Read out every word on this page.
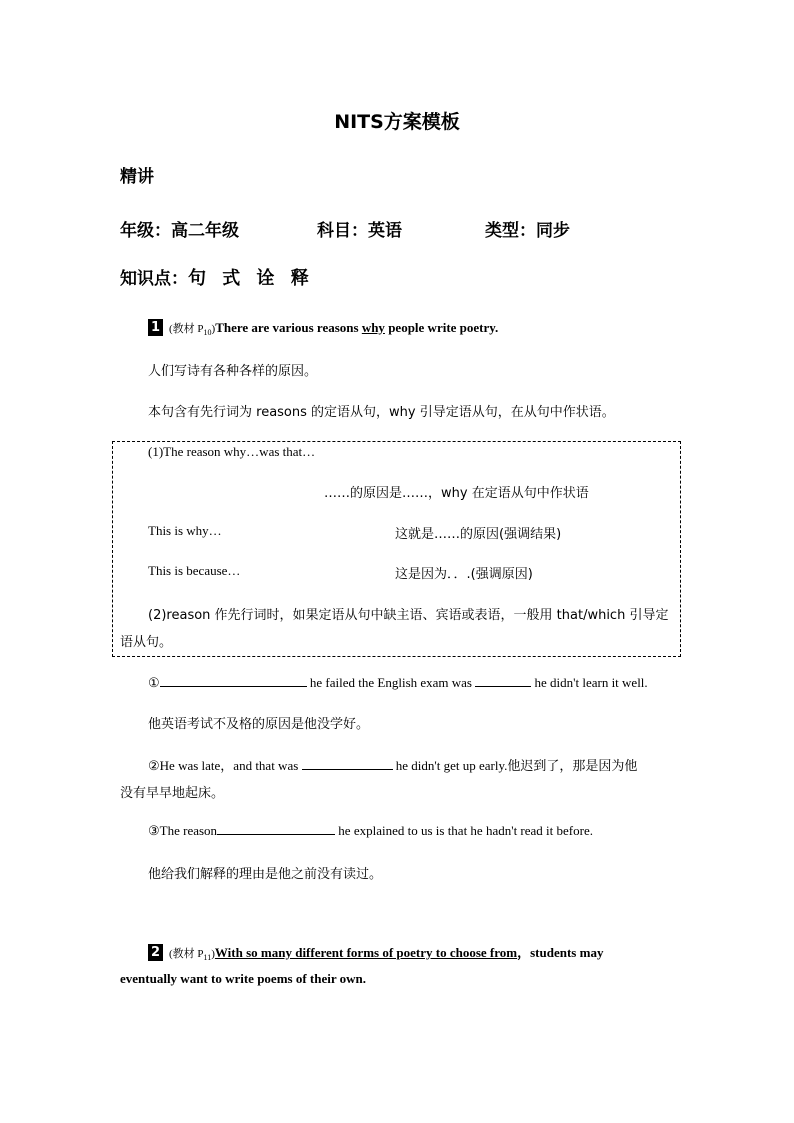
NITS方案模板
精讲
年级：高二年级	科目：英语	类型：同步
知识点：句 式 诠 释
1 (教材 $P_{10})There$ are various reasons why people write poetry.
人们写诗有各种各样的原因。
本句含有先行词为 reasons 的定语从句，why 引导定语从句，在从句中作状语。
(1)The reason why…was that…
……的原因是……，why 在定语从句中作状语
This is why…	这就是……的原因(强调结果)
This is because…	这是因为．．.(强调原因)
(2)reason 作先行词时，如果定语从句中缺主语、宾语或表语，一般用 that/which 引导定
语从句。
①	he failed the English exam was	he didn't learn it well.
他英语考试不及格的原因是他没学好。
②He was late，and that was	he didn't get up early.他迟到了，那是因为他
没有早早地起床。
③The reason	he explained to us is that he hadn't read it before.
他给我们解释的理由是他之前没有读过。
2 (教材 $P_{11})With$ so many different forms of poetry to choose from，students may
eventually want to write poems of their own.
